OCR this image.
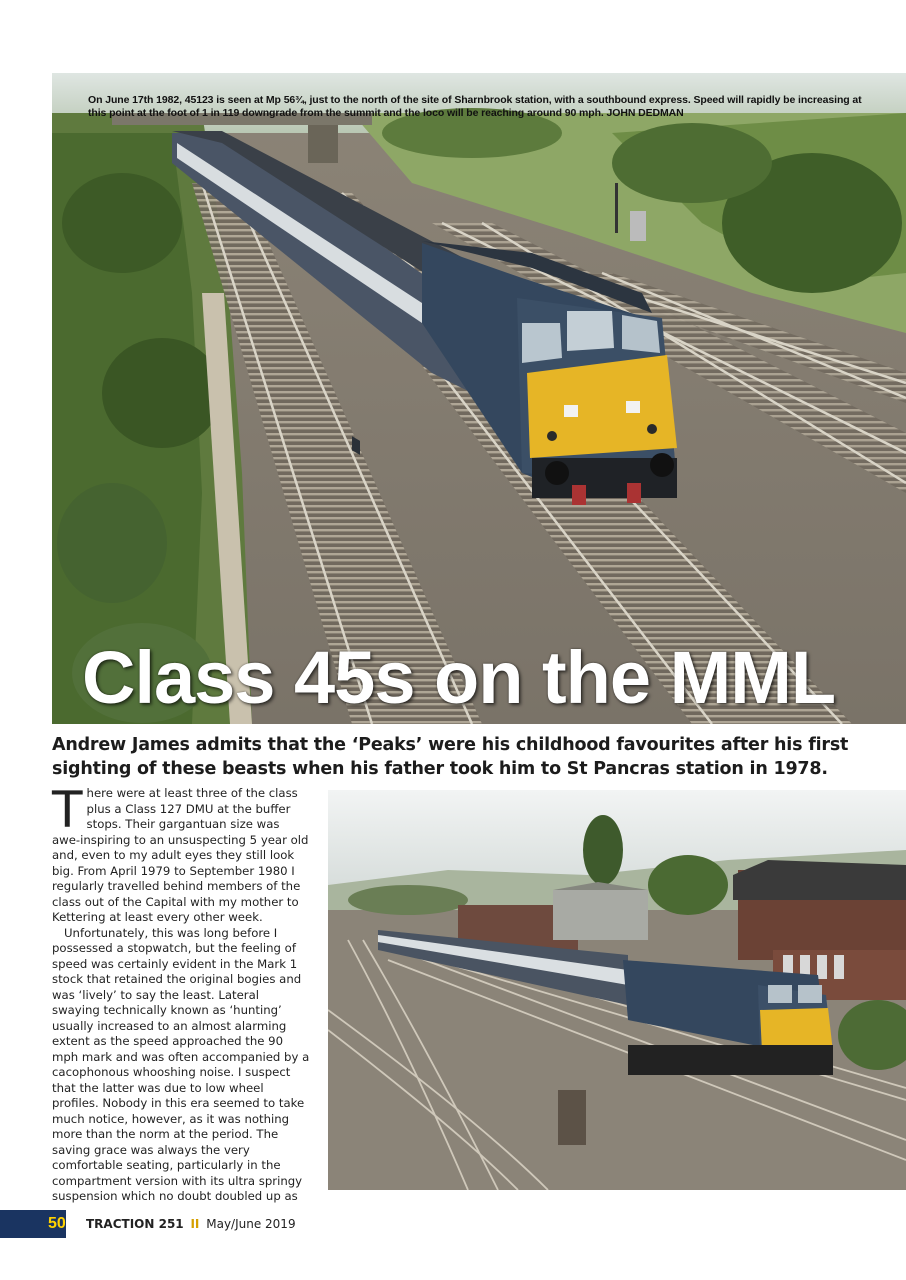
On June 17th 1982, 45123 is seen at Mp 56¾, just to the north of the site of Sharnbrook station, with a southbound express. Speed will rapidly be increasing at this point at the foot of 1 in 119 downgrade from the summit and the loco will be reaching around 90 mph. JOHN DEDMAN
Class 45s on the MML
Andrew James admits that the ‘Peaks’ were his childhood favourites after his first sighting of these beasts when his father took him to St Pancras station in 1978.

There were at least three of the class plus a Class 127 DMU at the buffer stops. Their gargantuan size was awe-inspiring to an unsuspecting 5 year old and, even to my adult eyes they still look big. From April 1979 to September 1980 I regularly travelled behind members of the class out of the Capital with my mother to Kettering at least every other week.

Unfortunately, this was long before I possessed a stopwatch, but the feeling of speed was certainly evident in the Mark 1 stock that retained the original bogies and was ‘lively’ to say the least. Lateral swaying technically known as ‘hunting’ usually increased to an almost alarming extent as the speed approached the 90 mph mark and was often accompanied by a cacophonous whooshing noise. I suspect that the latter was due to low wheel profiles. Nobody in this era seemed to take much notice, however, as it was nothing more than the norm at the period. The saving grace was always the very comfortable seating, particularly in the compartment version with its ultra springy suspension which no doubt doubled up as

50 TRACTION 251 II May/June 2019
